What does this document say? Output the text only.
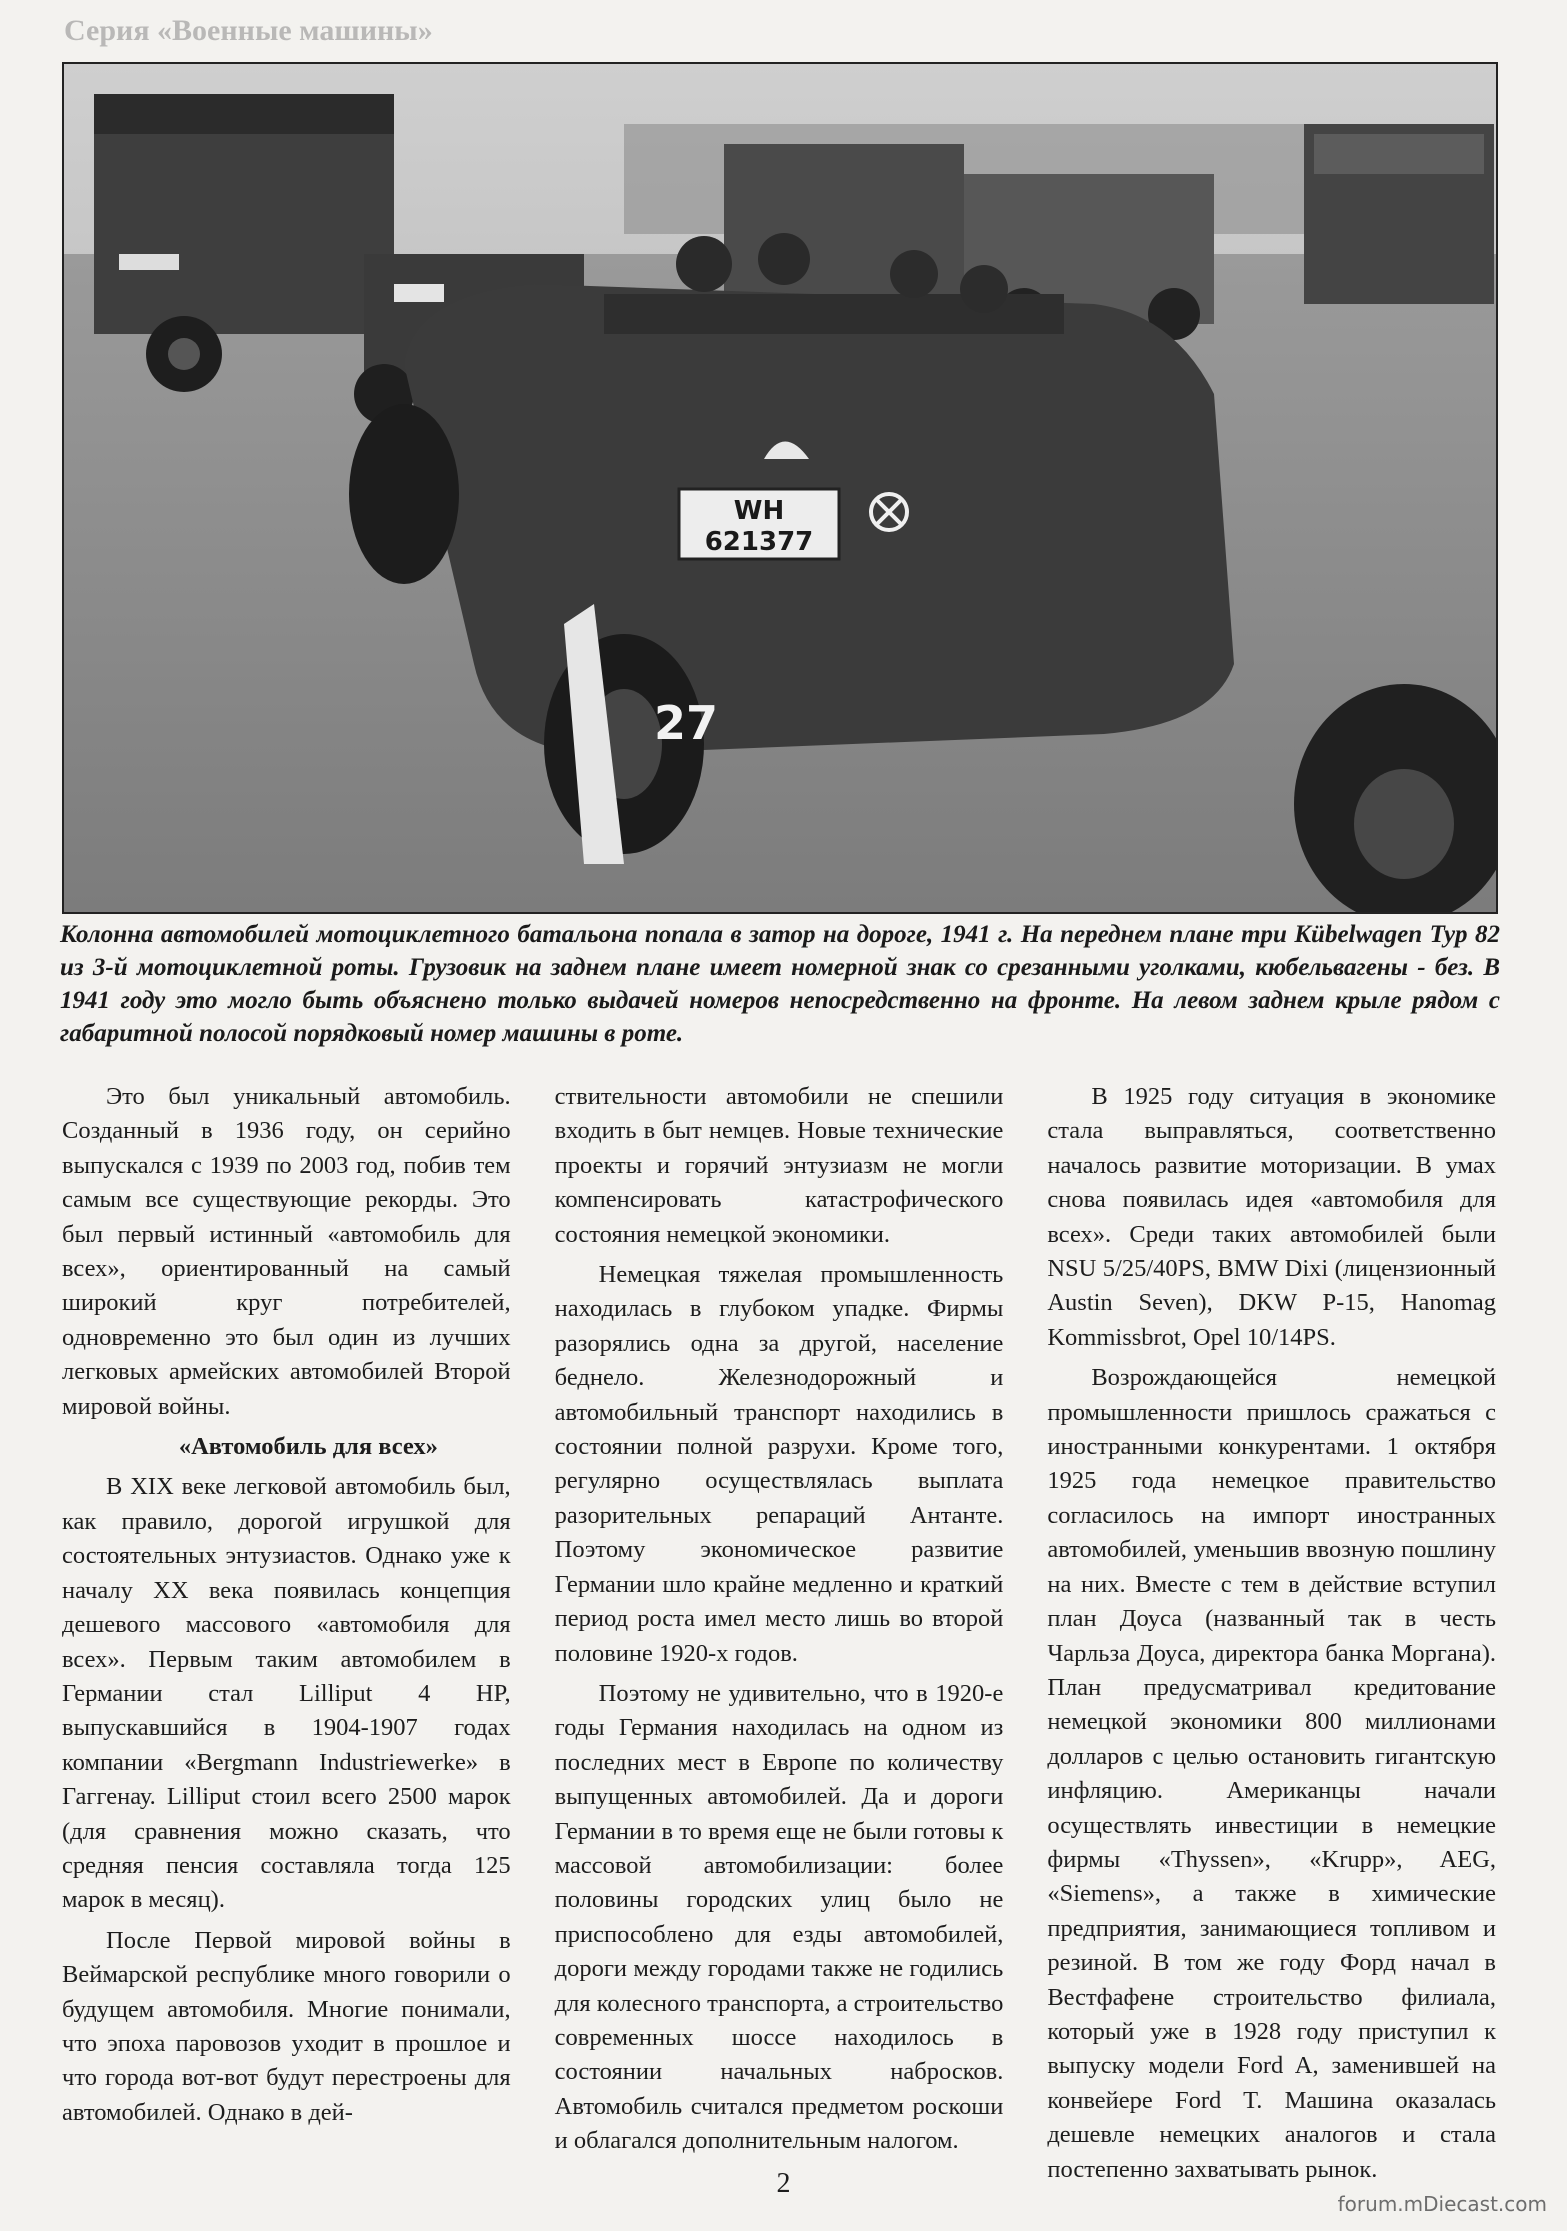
Серия «Военные машины»
WH
621377
27
Колонна автомобилей мотоциклетного батальона попала в затор на дороге, 1941 г. На переднем плане три Kübelwagen Typ 82 из 3-й мотоциклетной роты. Грузовик на заднем плане имеет номерной знак со срезанными уголками, кюбельвагены - без. В 1941 году это могло быть объяснено только выдачей номеров непосредственно на фронте. На левом заднем крыле рядом с габаритной полосой порядковый номер машины в роте.

Это был уникальный автомобиль. Созданный в 1936 году, он серийно выпускался с 1939 по 2003 год, побив тем самым все существующие рекорды. Это был первый истинный «автомобиль для всех», ориентированный на самый широкий круг потребителей, одновременно это был один из лучших легковых армейских автомобилей Второй мировой войны.

«Автомобиль для всех»

В XIX веке легковой автомобиль был, как правило, дорогой игрушкой для состоятельных энтузиастов. Однако уже к началу XX века появилась концепция дешевого массового «автомобиля для всех». Первым таким автомобилем в Германии стал Lilliput 4 HP, выпускавшийся в 1904-1907 годах компании «Bergmann Industriewerke» в Гаггенау. Lilliput стоил всего 2500 марок (для сравнения можно сказать, что средняя пенсия составляла тогда 125 марок в месяц).

После Первой мировой войны в Веймарской республике много говорили о будущем автомобиля. Многие понимали, что эпоха паровозов уходит в прошлое и что города вот-вот будут перестроены для автомобилей. Однако в дей-

ствительности автомобили не спешили входить в быт немцев. Новые технические проекты и горячий энтузиазм не могли компенсировать катастрофического состояния немецкой экономики.

Немецкая тяжелая промышленность находилась в глубоком упадке. Фирмы разорялись одна за другой, население беднело. Железнодорожный и автомобильный транспорт находились в состоянии полной разрухи. Кроме того, регулярно осуществлялась выплата разорительных репараций Антанте. Поэтому экономическое развитие Германии шло крайне медленно и краткий период роста имел место лишь во второй половине 1920-х годов.

Поэтому не удивительно, что в 1920-е годы Германия находилась на одном из последних мест в Европе по количеству выпущенных автомобилей. Да и дороги Германии в то время еще не были готовы к массовой автомобилизации: более половины городских улиц было не приспособлено для езды автомобилей, дороги между городами также не годились для колесного транспорта, а строительство современных шоссе находилось в состоянии начальных набросков. Автомобиль считался предметом роскоши и облагался дополнительным налогом.

В 1925 году ситуация в экономике стала выправляться, соответственно началось развитие моторизации. В умах снова появилась идея «автомобиля для всех». Среди таких автомобилей были NSU 5/25/40PS, BMW Dixi (лицензионный Austin Seven), DKW P-15, Hanomag Kommissbrot, Opel 10/14PS.

Возрождающейся немецкой промышленности пришлось сражаться с иностранными конкурентами. 1 октября 1925 года немецкое правительство согласилось на импорт иностранных автомобилей, уменьшив ввозную пошлину на них. Вместе с тем в действие вступил план Доуса (названный так в честь Чарльза Доуса, директора банка Моргана). План предусматривал кредитование немецкой экономики 800 миллионами долларов с целью остановить гигантскую инфляцию. Американцы начали осуществлять инвестиции в немецкие фирмы «Thyssen», «Krupp», AEG, «Siemens», а также в химические предприятия, занимающиеся топливом и резиной. В том же году Форд начал в Вестфафене строительство филиала, который уже в 1928 году приступил к выпуску модели Ford A, заменившей на конвейере Ford T. Машина оказалась дешевле немецких аналогов и стала постепенно захватывать рынок.

2
forum.mDiecast.com
